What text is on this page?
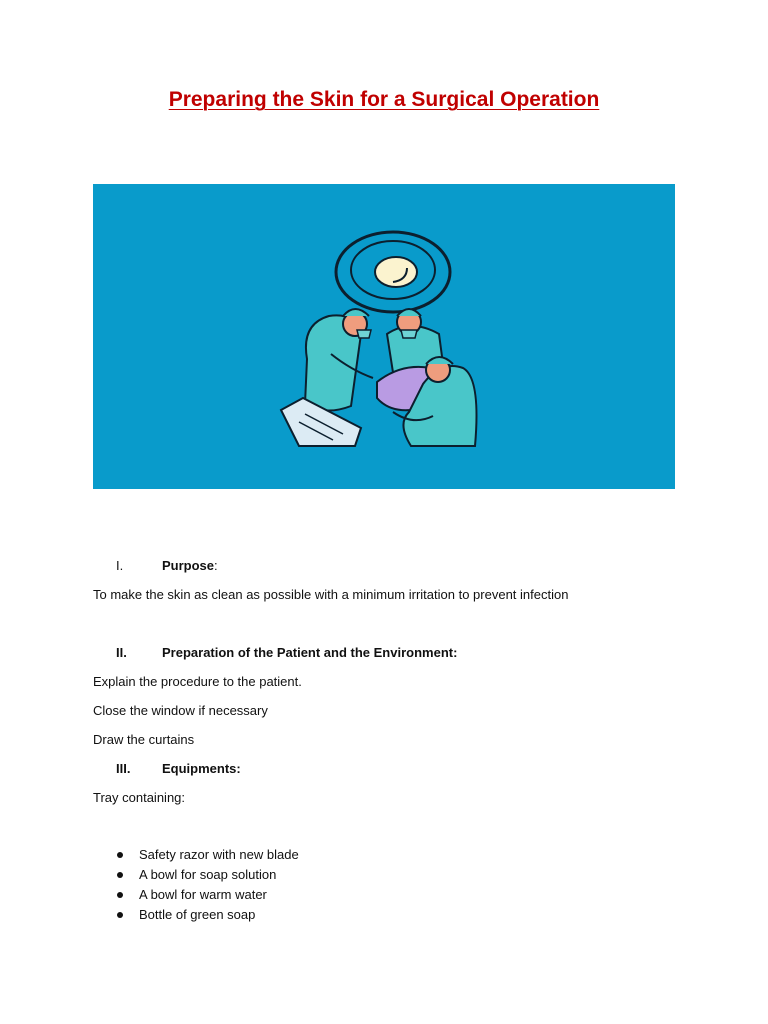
Preparing the Skin for a Surgical Operation
I.	Purpose:
To make the skin as clean as possible with a minimum irritation to prevent infection
II.	Preparation of the Patient and the Environment:
Explain the procedure to the patient.
Close the window if necessary
Draw the curtains
III. Equipments:
Tray containing:
Safety razor with new blade
A bowl for soap solution
A bowl for warm water
Bottle of green soap
